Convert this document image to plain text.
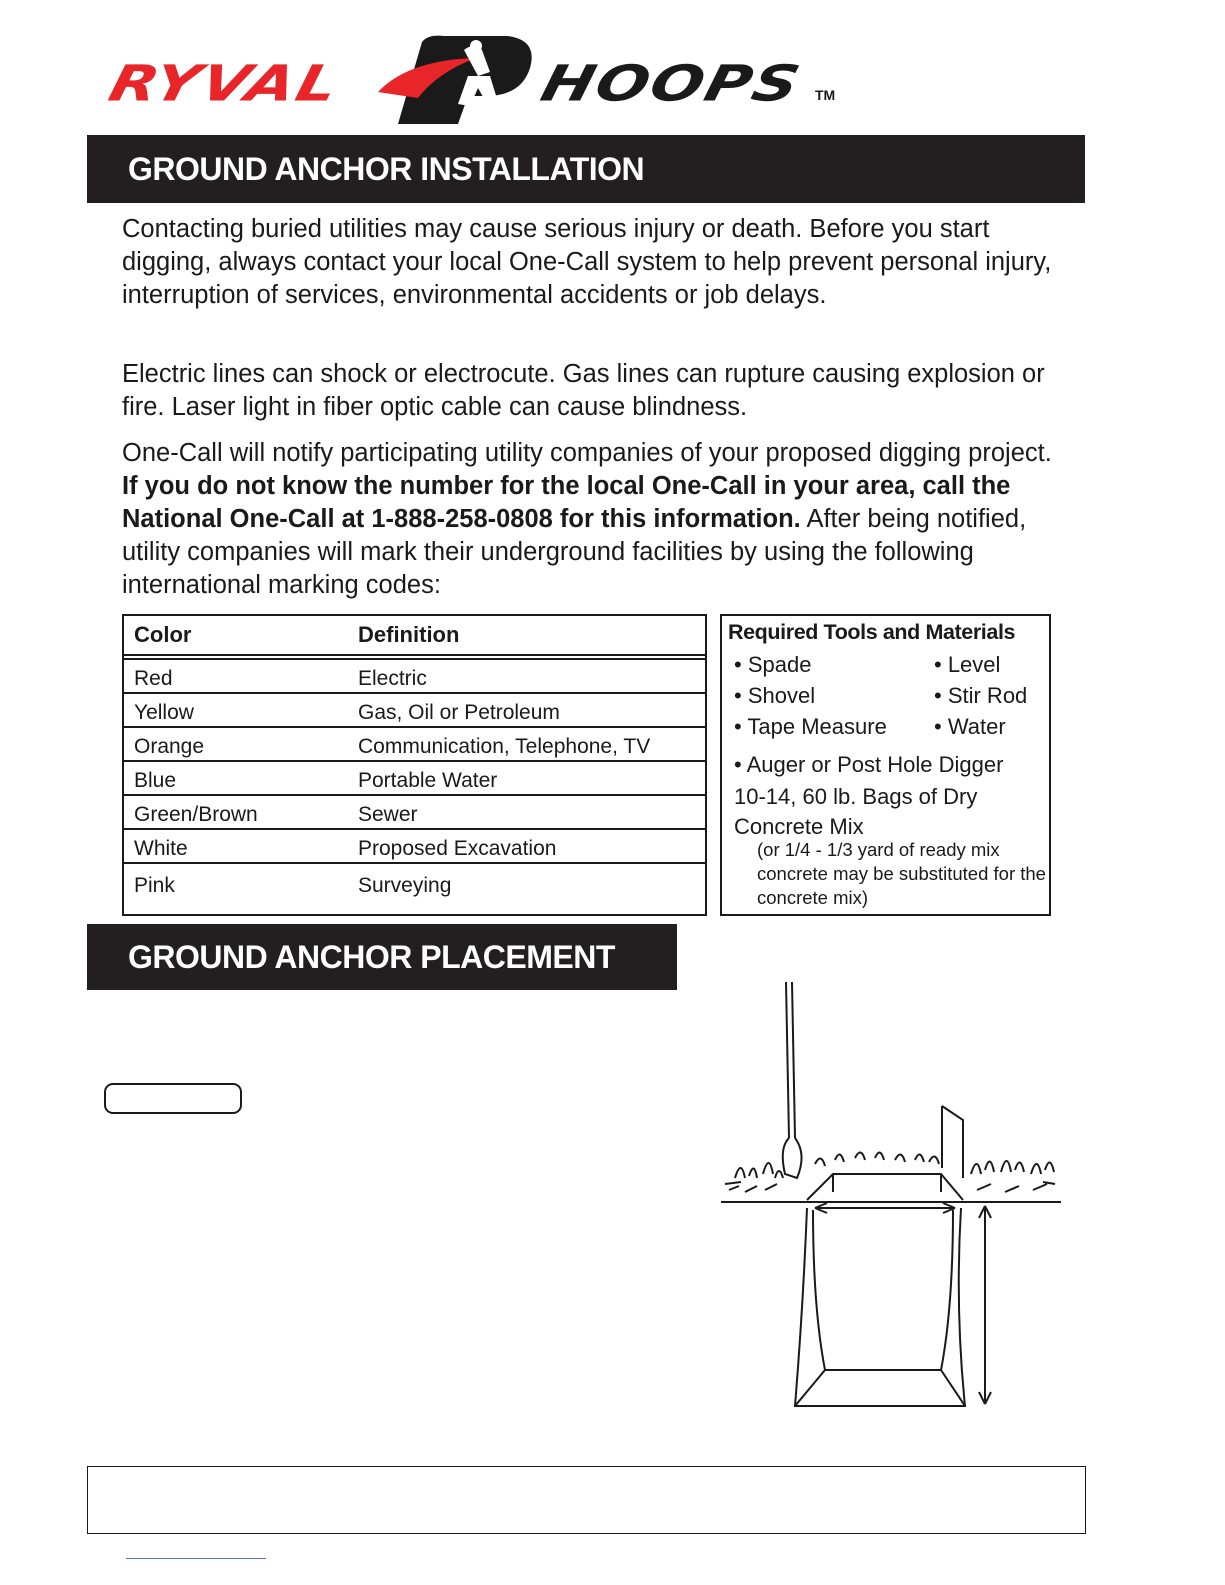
RYVAL	HOOPS TM
GROUND ANCHOR INSTALLATION

Contacting buried utilities may cause serious injury or death. Before you start digging, always contact your local One-Call system to help prevent personal injury, interruption of services, environmental accidents or job delays.

Electric lines can shock or electrocute. Gas lines can rupture causing explosion or fire. Laser light in fiber optic cable can cause blindness.

One-Call will notify participating utility companies of your proposed digging project. If you do not know the number for the local One-Call in your area, call the National One-Call at 1-888-258-0808 for this information. After being notified, utility companies will mark their underground facilities by using the following international marking codes:

Color	Definition
Red	Electric
Yellow	Gas, Oil or Petroleum
Orange	Communication, Telephone, TV
Blue	Portable Water
Green/Brown	Sewer
White	Proposed Excavation
Pink	Surveying
Required Tools and Materials
• Spade	• Level
• Shovel	• Stir Rod
• Tape Measure	• Water
• Auger or Post Hole Digger
10-14, 60 lb. Bags of Dry Concrete Mix
(or 1/4 - 1/3 yard of ready mix concrete may be substituted for the concrete mix)
GROUND ANCHOR PLACEMENT
